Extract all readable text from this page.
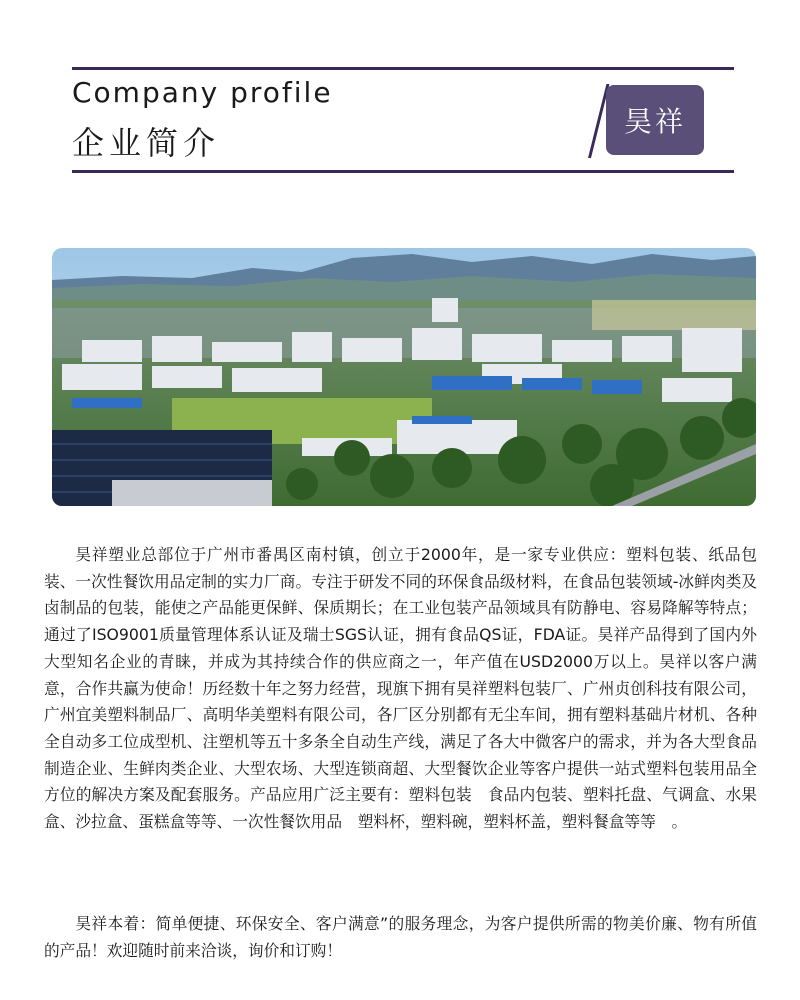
Company profile
企业简介
昊祥

昊祥塑业总部位于广州市番禺区南村镇，创立于2000年，是一家专业供应：塑料包装、纸品包装、一次性餐饮用品定制的实力厂商。专注于研发不同的环保食品级材料，在食品包装领域-冰鲜肉类及卤制品的包装，能使之产品能更保鲜、保质期长；在工业包装产品领域具有防静电、容易降解等特点；通过了ISO9001质量管理体系认证及瑞士SGS认证，拥有食品QS证，FDA证。昊祥产品得到了国内外大型知名企业的青睐，并成为其持续合作的供应商之一，年产值在USD2000万以上。昊祥以客户满意，合作共赢为使命！历经数十年之努力经营，现旗下拥有昊祥塑料包装厂、广州贞创科技有限公司，广州宜美塑料制品厂、高明华美塑料有限公司，各厂区分别都有无尘车间，拥有塑料基础片材机、各种全自动多工位成型机、注塑机等五十多条全自动生产线，满足了各大中微客户的需求，并为各大型食品制造企业、生鲜肉类企业、大型农场、大型连锁商超、大型餐饮企业等客户提供一站式塑料包装用品全方位的解决方案及配套服务。产品应用广泛主要有：塑料包装　食品内包装、塑料托盘、气调盒、水果盒、沙拉盒、蛋糕盒等等、一次性餐饮用品　塑料杯，塑料碗，塑料杯盖，塑料餐盒等等　。

昊祥本着：简单便捷、环保安全、客户满意”的服务理念，为客户提供所需的物美价廉、物有所值的产品！欢迎随时前来洽谈，询价和订购！
